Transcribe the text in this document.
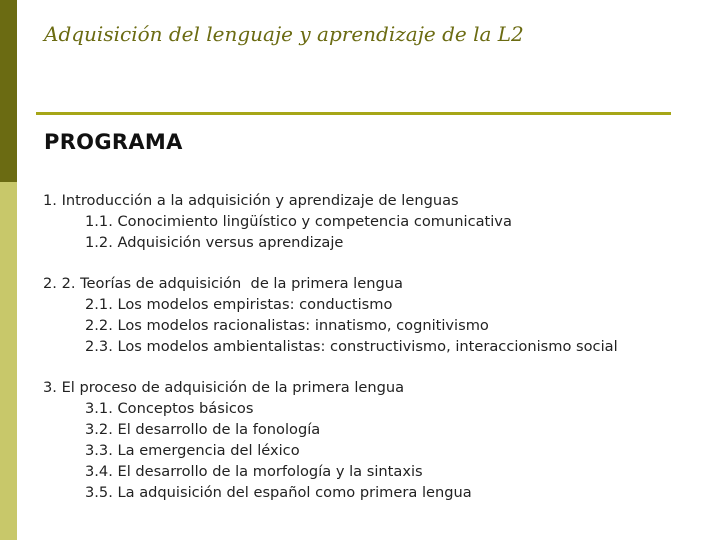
Adquisición del lenguaje y aprendizaje de la L2
PROGRAMA
1. Introducción a la adquisición y aprendizaje de lenguas
1.1. Conocimiento lingüístico y competencia comunicativa
1.2. Adquisición versus aprendizaje
2. 2. Teorías de adquisición  de la primera lengua
2.1. Los modelos empiristas: conductismo
2.2. Los modelos racionalistas: innatismo, cognitivismo
2.3. Los modelos ambientalistas: constructivismo, interaccionismo social
3. El proceso de adquisición de la primera lengua
3.1. Conceptos básicos
3.2. El desarrollo de la fonología
3.3. La emergencia del léxico
3.4. El desarrollo de la morfología y la sintaxis
3.5. La adquisición del español como primera lengua
